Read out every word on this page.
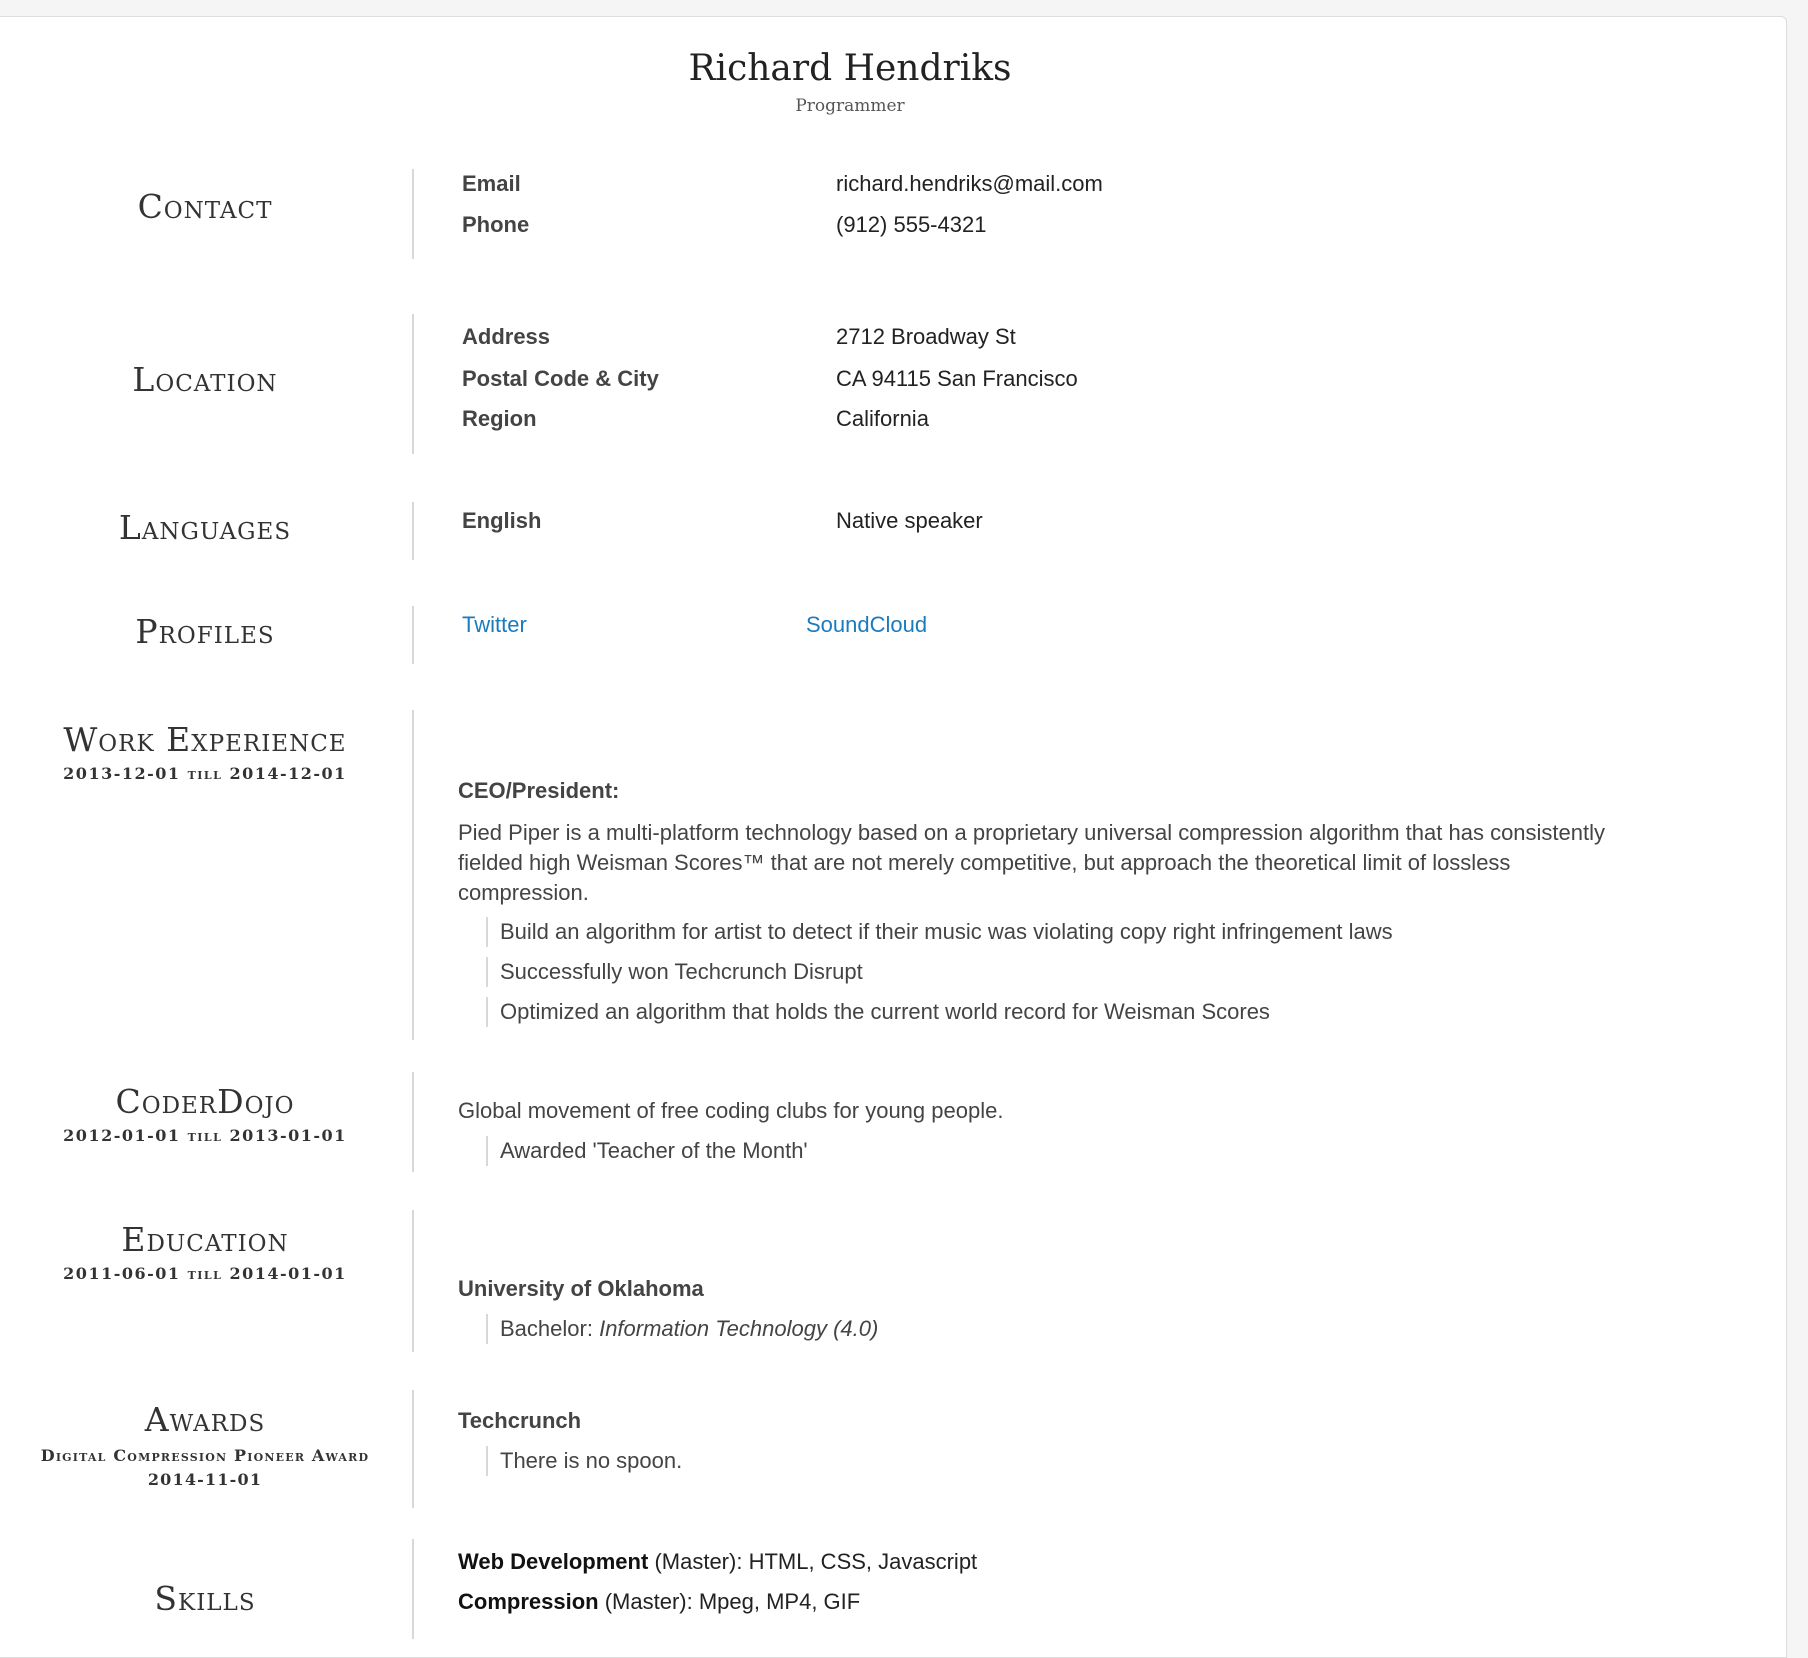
Richard Hendriks
Programmer
Contact
Email	richard.hendriks@mail.com
Phone	(912) 555-4321
Location
Address	2712 Broadway St
Postal Code & City	CA 94115 San Francisco
Region	California
Languages	English	Native speaker
Profiles	Twitter	SoundCloud
Work Experience
2013-12-01 till 2014-12-01
CEO/President:
Pied Piper is a multi-platform technology based on a proprietary universal compression algorithm that has consistently fielded high Weisman Scores™ that are not merely competitive, but approach the theoretical limit of lossless compression.
Build an algorithm for artist to detect if their music was violating copy right infringement laws
Successfully won Techcrunch Disrupt
Optimized an algorithm that holds the current world record for Weisman Scores
CoderDojo
2012-01-01 till 2013-01-01
Global movement of free coding clubs for young people.
Awarded 'Teacher of the Month'
Education
2011-06-01 till 2014-01-01
University of Oklahoma
Bachelor: Information Technology (4.0)
Awards
Digital Compression Pioneer Award
2014-11-01
Techcrunch
There is no spoon.
Skills
Web Development (Master): HTML, CSS, Javascript
Compression (Master): Mpeg, MP4, GIF
